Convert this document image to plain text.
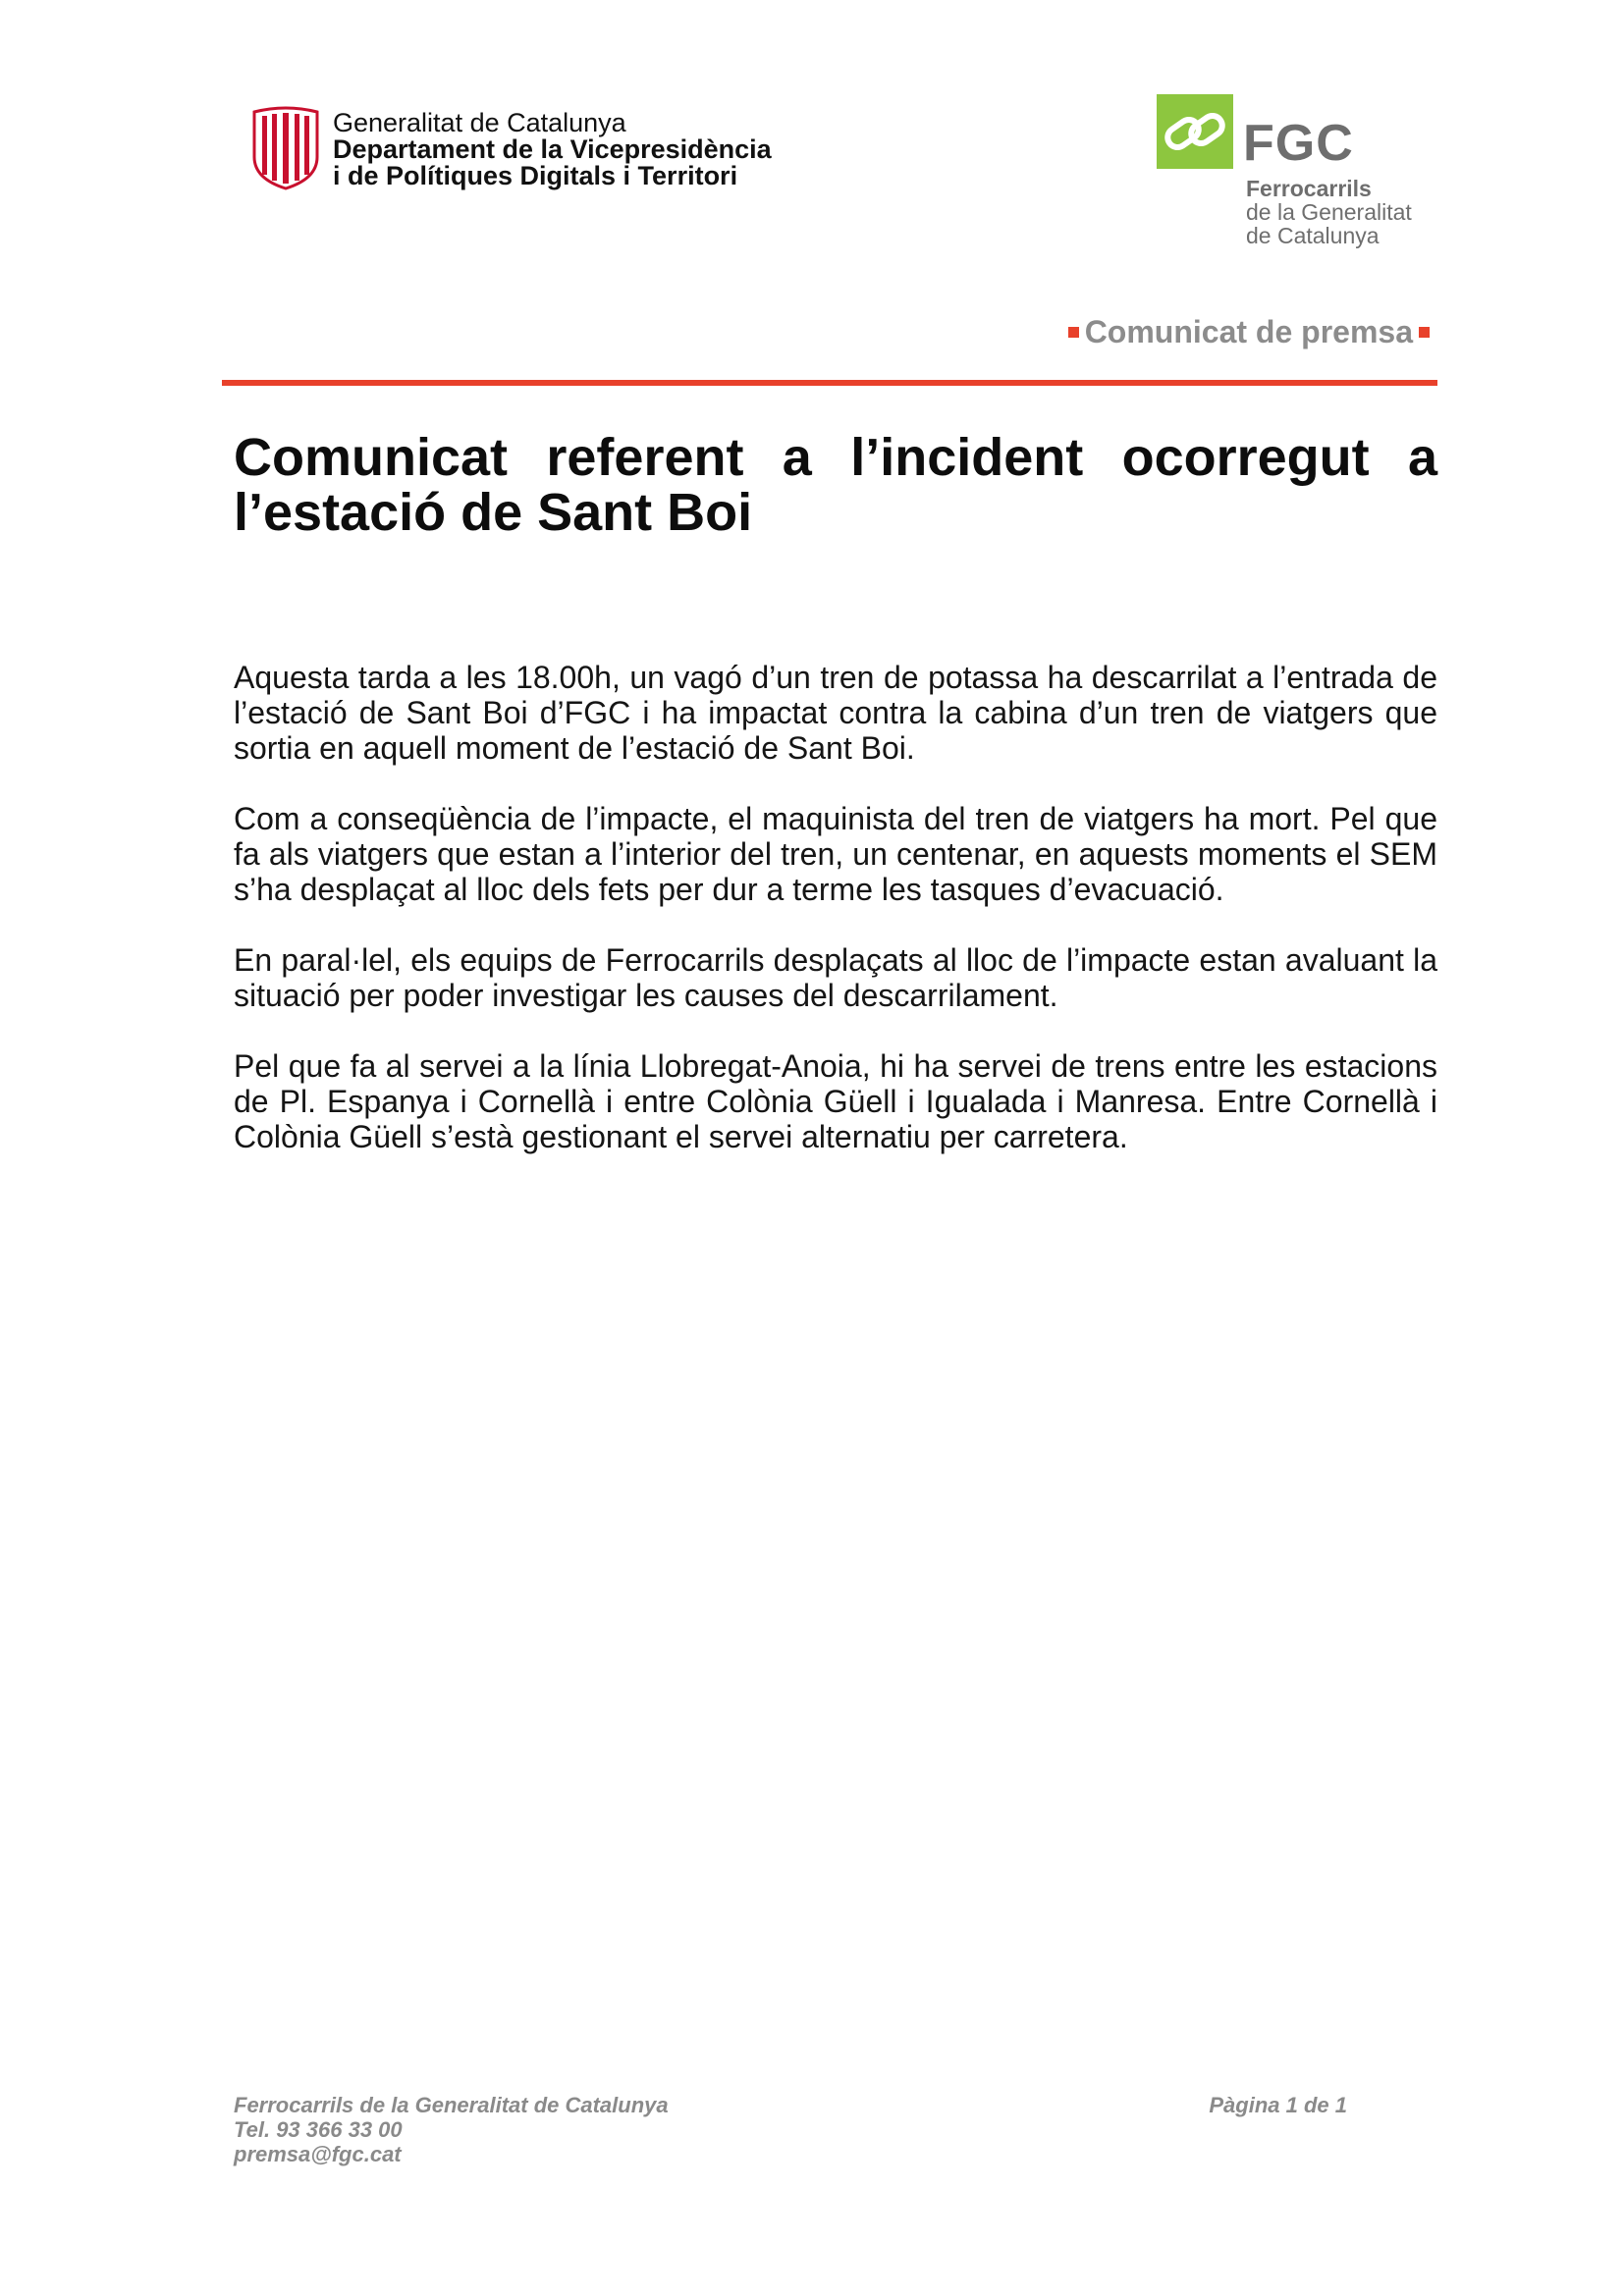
Generalitat de Catalunya
Departament de la Vicepresidència
i de Polítiques Digitals i Territori
FGC
Ferrocarrils
de la Generalitat
de Catalunya
Comunicat de premsa
Comunicat referent a l’incident ocorregut a l’estació de Sant Boi

Aquesta tarda a les 18.00h, un vagó d’un tren de potassa ha descarrilat a l’entrada de l’estació de Sant Boi d’FGC i ha impactat contra la cabina d’un tren de viatgers que sortia en aquell moment de l’estació de Sant Boi.

Com a conseqüència de l’impacte, el maquinista del tren de viatgers ha mort. Pel que fa als viatgers que estan a l’interior del tren, un centenar, en aquests moments el SEM s’ha desplaçat al lloc dels fets per dur a terme les tasques d’evacuació.

En paral·lel, els equips de Ferrocarrils desplaçats al lloc de l’impacte estan avaluant la situació per poder investigar les causes del descarrilament.

Pel que fa al servei a la línia Llobregat-Anoia, hi ha servei de trens entre les estacions de Pl. Espanya i Cornellà i entre Colònia Güell i Igualada i Manresa. Entre Cornellà i Colònia Güell s’està gestionant el servei alternatiu per carretera.

Ferrocarrils de la Generalitat de Catalunya
Tel. 93 366 33 00
premsa@fgc.cat
Pàgina 1 de 1
